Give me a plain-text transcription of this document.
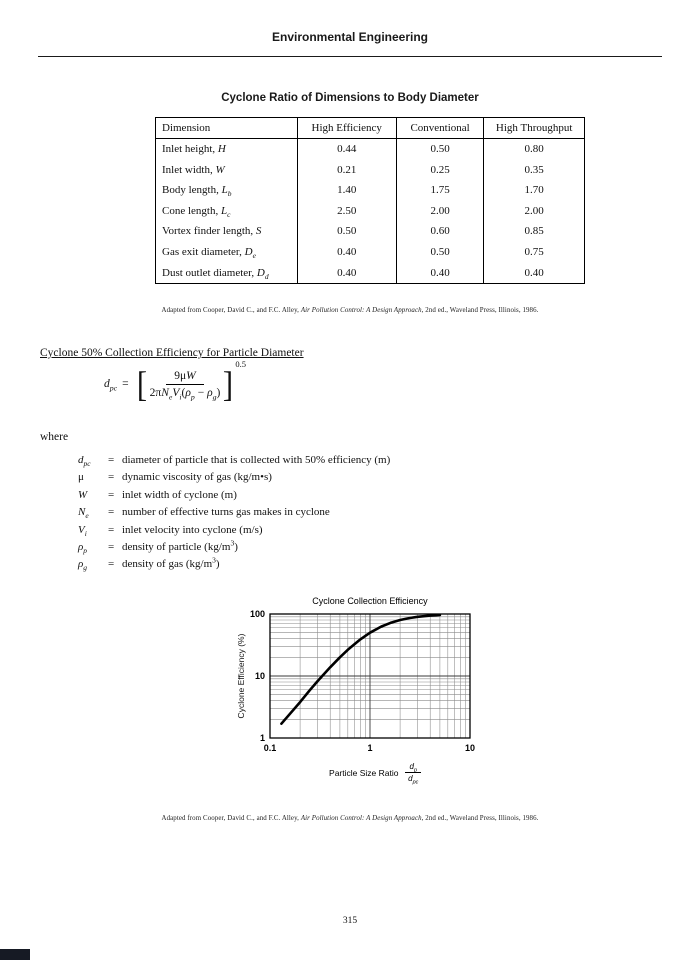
Environmental Engineering
Cyclone Ratio of Dimensions to Body Diameter
Dimension	High Efficiency	Conventional	High Throughput
Inlet height, H	0.44	0.50	0.80
Inlet width, W	0.21	0.25	0.35
Body length, $L_b$	1.40	1.75	1.70
Cone length, $L_c$	2.50	2.00	2.00
Vortex finder length, S	0.50	0.60	0.85
Gas exit diameter, $D_e$	0.40	0.50	0.75
Dust outlet diameter, $D_d$	0.40	0.40	0.40
Adapted from Cooper, David C., and F.C. Alley, Air Pollution Control: A Design Approach, 2nd ed., Waveland Press, Illinois, 1986.
Cyclone 50% Collection Efficiency for Particle Diameter
$d_{pc}$ = [ $\frac{9\mu W}{2\pi N_eV_i(\rho_p - \rho_g)}$ ] 0.5
where
$d_{pc}$	= diameter of particle that is collected with 50% efficiency (m)
μ	= dynamic viscosity of gas (kg/m•s)
W	= inlet width of cyclone (m)
$N_e$	= number of effective turns gas makes in cyclone
$V_i$	= inlet velocity into cyclone (m/s)
$\rho_p$	= density of particle $(kg/m^3)$
$\rho_g$	= density of gas $(kg/m^3)$
Cyclone Collection Efficiency
100
10
1
0.1	1	10
Cyclone Efficiency (%)
Particle Size Ratio
$d_p$
$d_{pc}$
Adapted from Cooper, David C., and F.C. Alley, Air Pollution Control: A Design Approach, 2nd ed., Waveland Press, Illinois, 1986.
315
